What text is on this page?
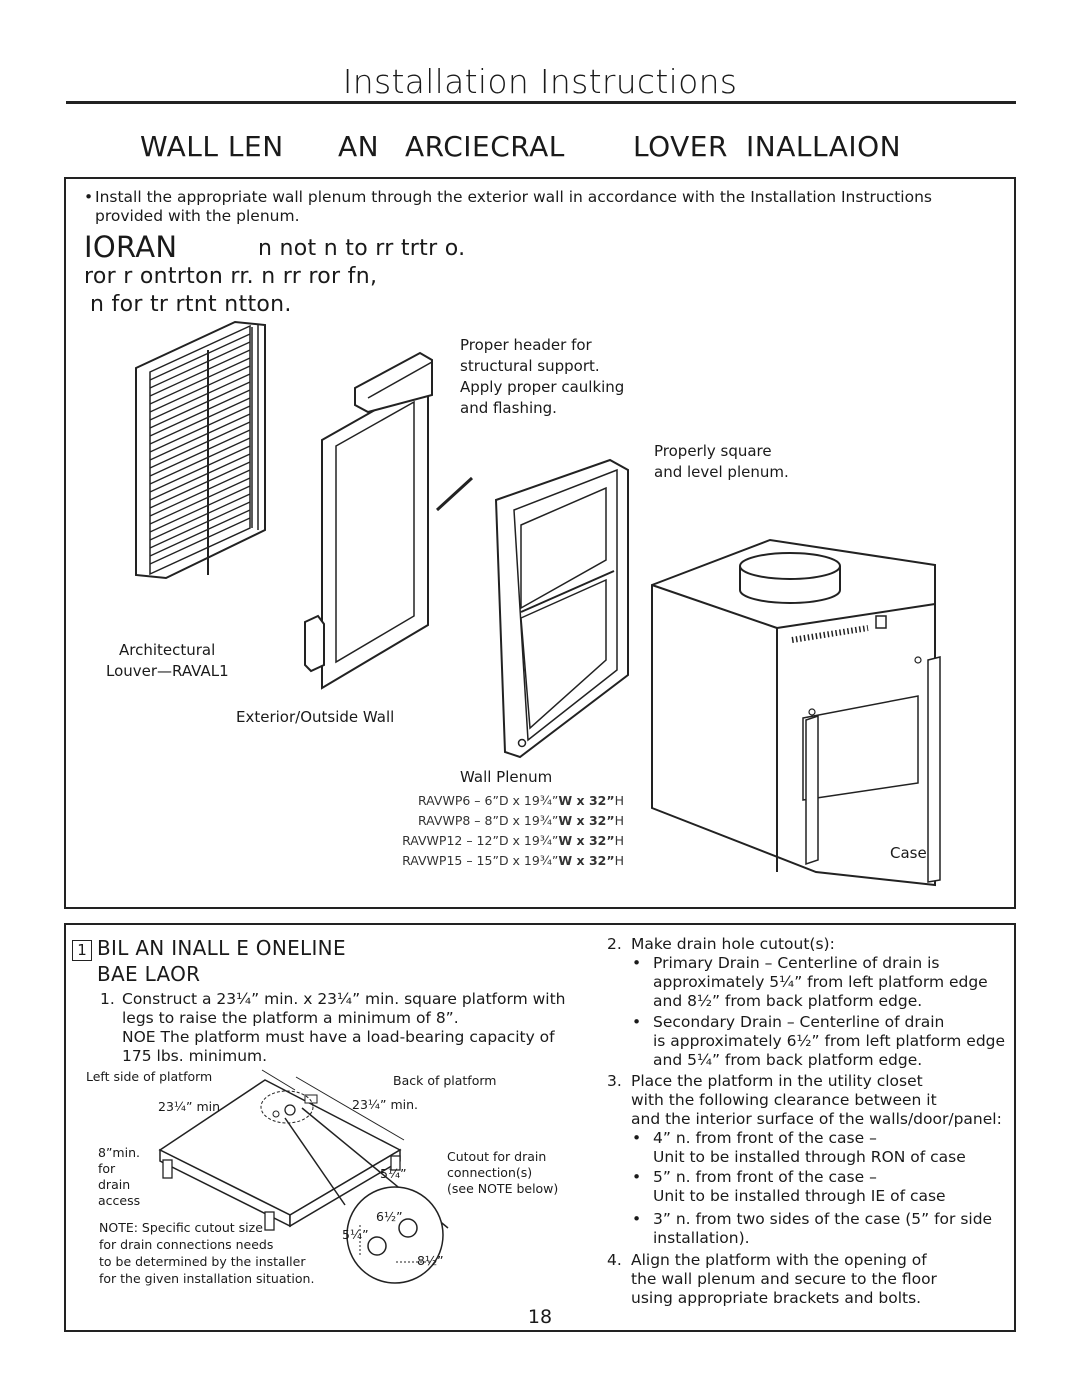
Installation Instructions
WALL LEN AN ARCIECRAL LOVER INALLAION
• Install the appropriate wall plenum through the exterior wall in accordance with the Installation Instructions provided with the plenum.
IORAN	n not n to rr trtr o.
ror r ontrton rr. n rr ror fn,
n for tr rtnt ntton.
Proper header for
structural support.
Apply proper caulking
and flashing.
Properly square
and level plenum.
Architectural
Louver—RAVAL1
Exterior/Outside Wall
Wall Plenum
Case
RAVWP6 – 6”D x 19¾”W x 32”H
RAVWP8 – 8”D x 19¾”W x 32”H
RAVWP12 – 12”D x 19¾”W x 32”H
RAVWP15 – 15”D x 19¾”W x 32”H
1 BIL AN INALL E ONELINE
BAE LAOR
1. Construct a 23¼” min. x 23¼” min. square platform with legs to raise the platform a minimum of 8”.
NOE The platform must have a load-bearing capacity of 175 lbs. minimum.
Left side of platform	Back of platform
23¼” min	23¼” min.
8”min.
for
drain
access
Cutout for drain
connection(s)
(see NOTE below)
5¼”
6½”
5¼”
8½”
NOTE: Specific cutout size
for drain connections needs
to be determined by the installer
for the given installation situation.
2. Make drain hole cutout(s):
• Primary Drain – Centerline of drain is
approximately 5¼” from left platform edge
and 8½” from back platform edge.
• Secondary Drain – Centerline of drain
is approximately 6½” from left platform edge
and 5¼” from back platform edge.
3. Place the platform in the utility closet
with the following clearance between it
and the interior surface of the walls/door/panel:
• 4” n. from front of the case –
Unit to be installed through RON of case
• 5” n. from front of the case –
Unit to be installed through IE of case
• 3” n. from two sides of the case (5” for side
installation).
4. Align the platform with the opening of
the wall plenum and secure to the floor
using appropriate brackets and bolts.
18
